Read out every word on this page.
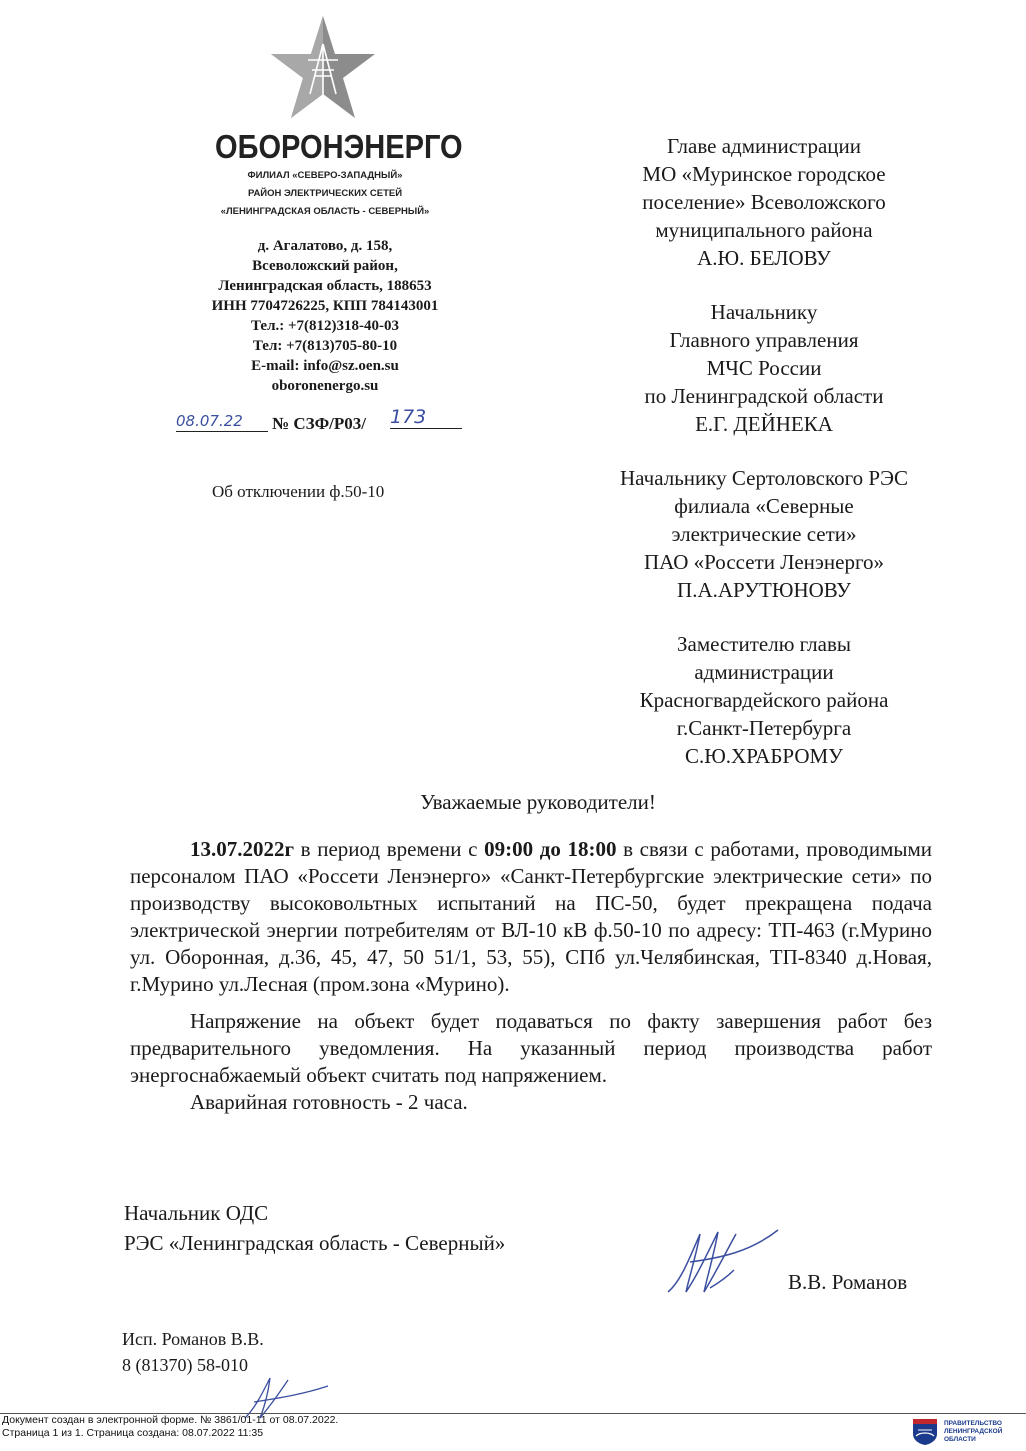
ОБОРОНЭНЕРГО
ФИЛИАЛ «СЕВЕРО-ЗАПАДНЫЙ»
РАЙОН ЭЛЕКТРИЧЕСКИХ СЕТЕЙ
«ЛЕНИНГРАДСКАЯ ОБЛАСТЬ - СЕВЕРНЫЙ»
д. Агалатово, д. 158,
Всеволожский район,
Ленинградская область, 188653
ИНН 7704726225, КПП 784143001
Тел.: +7(812)318-40-03
Тел: +7(813)705-80-10
E-mail: info@sz.oen.su
oboronenergo.su
08.07.22	№ СЗФ/Р03/ 173
Об отключении ф.50-10
Главе администрации
МО «Муринское городское
поселение» Всеволожского
муниципального района
А.Ю. БЕЛОВУ
Начальнику
Главного управления
МЧС России
по Ленинградской области
Е.Г. ДЕЙНЕКА
Начальнику Сертоловского РЭС
филиала «Северные
электрические сети»
ПАО «Россети Ленэнерго»
П.А.АРУТЮНОВУ
Заместителю главы
администрации
Красногвардейского района
г.Санкт-Петербурга
С.Ю.ХРАБРОМУ
Уважаемые руководители!

13.07.2022г в период времени с 09:00 до 18:00 в связи с работами, проводимыми персоналом ПАО «Россети Ленэнерго» «Санкт-Петербургские электрические сети» по производству высоковольтных испытаний на ПС-50, будет прекращена подача электрической энергии потребителям от ВЛ-10 кВ ф.50-10 по адресу: ТП-463 (г.Мурино ул. Оборонная, д.36, 45, 47, 50 51/1, 53, 55), СПб ул.Челябинская, ТП-8340 д.Новая, г.Мурино ул.Лесная (пром.зона «Мурино).

Напряжение на объект будет подаваться по факту завершения работ без предварительного уведомления. На указанный период производства работ энергоснабжаемый объект считать под напряжением.

Аварийная готовность - 2 часа.

Начальник ОДС
РЭС «Ленинградская область - Северный»
В.В. Романов
Исп. Романов В.В.
8 (81370) 58-010
Документ создан в электронной форме. № 3861/01-11 от 08.07.2022.
Страница 1 из 1. Страница создана: 08.07.2022 11:35
ПРАВИТЕЛЬСТВО
ЛЕНИНГРАДСКОЙ
ОБЛАСТИ
